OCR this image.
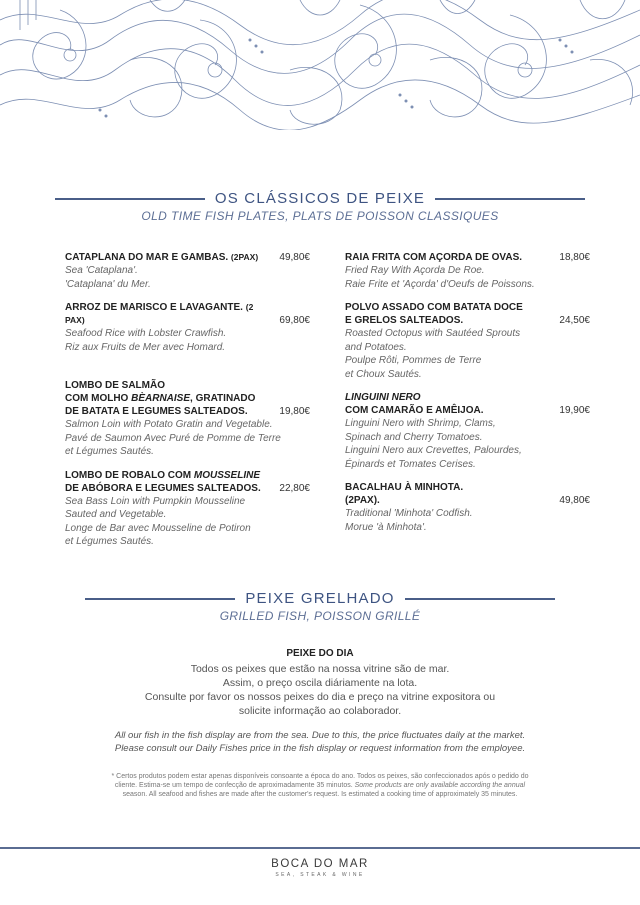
OS CLÁSSICOS DE PEIXE
OLD TIME FISH PLATES, PLATS DE POISSON CLASSIQUES
CATAPLANA DO MAR E GAMBAS. (2PAX) 49,80€
Sea 'Cataplana'.
'Cataplana' du Mer.
ARROZ DE MARISCO E LAVAGANTE. (2 PAX)	69,80€
Seafood Rice with Lobster Crawfish.
Riz aux Fruits de Mer avec Homard.
LOMBO DE SALMÃO
COM MOLHO BÈARNAISE, GRATINADO
DE BATATA E LEGUMES SALTEADOS.	19,80€
Salmon Loin with Potato Gratin and Vegetable.
Pavé de Saumon Avec Puré de Pomme de Terre
et Légumes Sautés.
LOMBO DE ROBALO COM MOUSSELINE
DE ABÓBORA E LEGUMES SALTEADOS. 22,80€
Sea Bass Loin with Pumpkin Mousseline
Sauted and Vegetable.
Longe de Bar avec Mousseline de Potiron
et Légumes Sautés.
RAIA FRITA COM AÇORDA DE OVAS.	18,80€
Fried Ray With Açorda De Roe.
Raie Frite et 'Açorda' d'Oeufs de Poissons.
POLVO ASSADO COM BATATA DOCE
E GRELOS SALTEADOS.	24,50€
Roasted Octopus with Sautéed Sprouts
and Potatoes.
Poulpe Rôti, Pommes de Terre
et Choux Sautés.
LINGUINI NERO
COM CAMARÃO E AMÊIJOA.	19,90€
Linguini Nero with Shrimp, Clams,
Spinach and Cherry Tomatoes.
Linguini Nero aux Crevettes, Palourdes,
Épinards et Tomates Cerises.
BACALHAU À MINHOTA.
(2PAX).	49,80€
Traditional 'Minhota' Codfish.
Morue 'à Minhota'.
PEIXE GRELHADO
GRILLED FISH, POISSON GRILLÉ
PEIXE DO DIA
Todos os peixes que estão na nossa vitrine são de mar.
Assim, o preço oscila diáriamente na lota.
Consulte por favor os nossos peixes do dia e preço na vitrine expositora ou
solicite informação ao colaborador.
All our fish in the fish display are from the sea. Due to this, the price fluctuates daily at the market.
Please consult our Daily Fishes price in the fish display or request information from the employee.
* Certos produtos podem estar apenas disponíveis consoante a época do ano. Todos os peixes, são confeccionados após o pedido do
cliente. Estima-se um tempo de confecção de aproximadamente 35 minutos. Some products are only available according the annual
season. All seafood and fishes are made after the customer's request. Is estimated a cooking time of approximately 35 minutes.
BOCA DO MAR
SEA, STEAK & WINE
